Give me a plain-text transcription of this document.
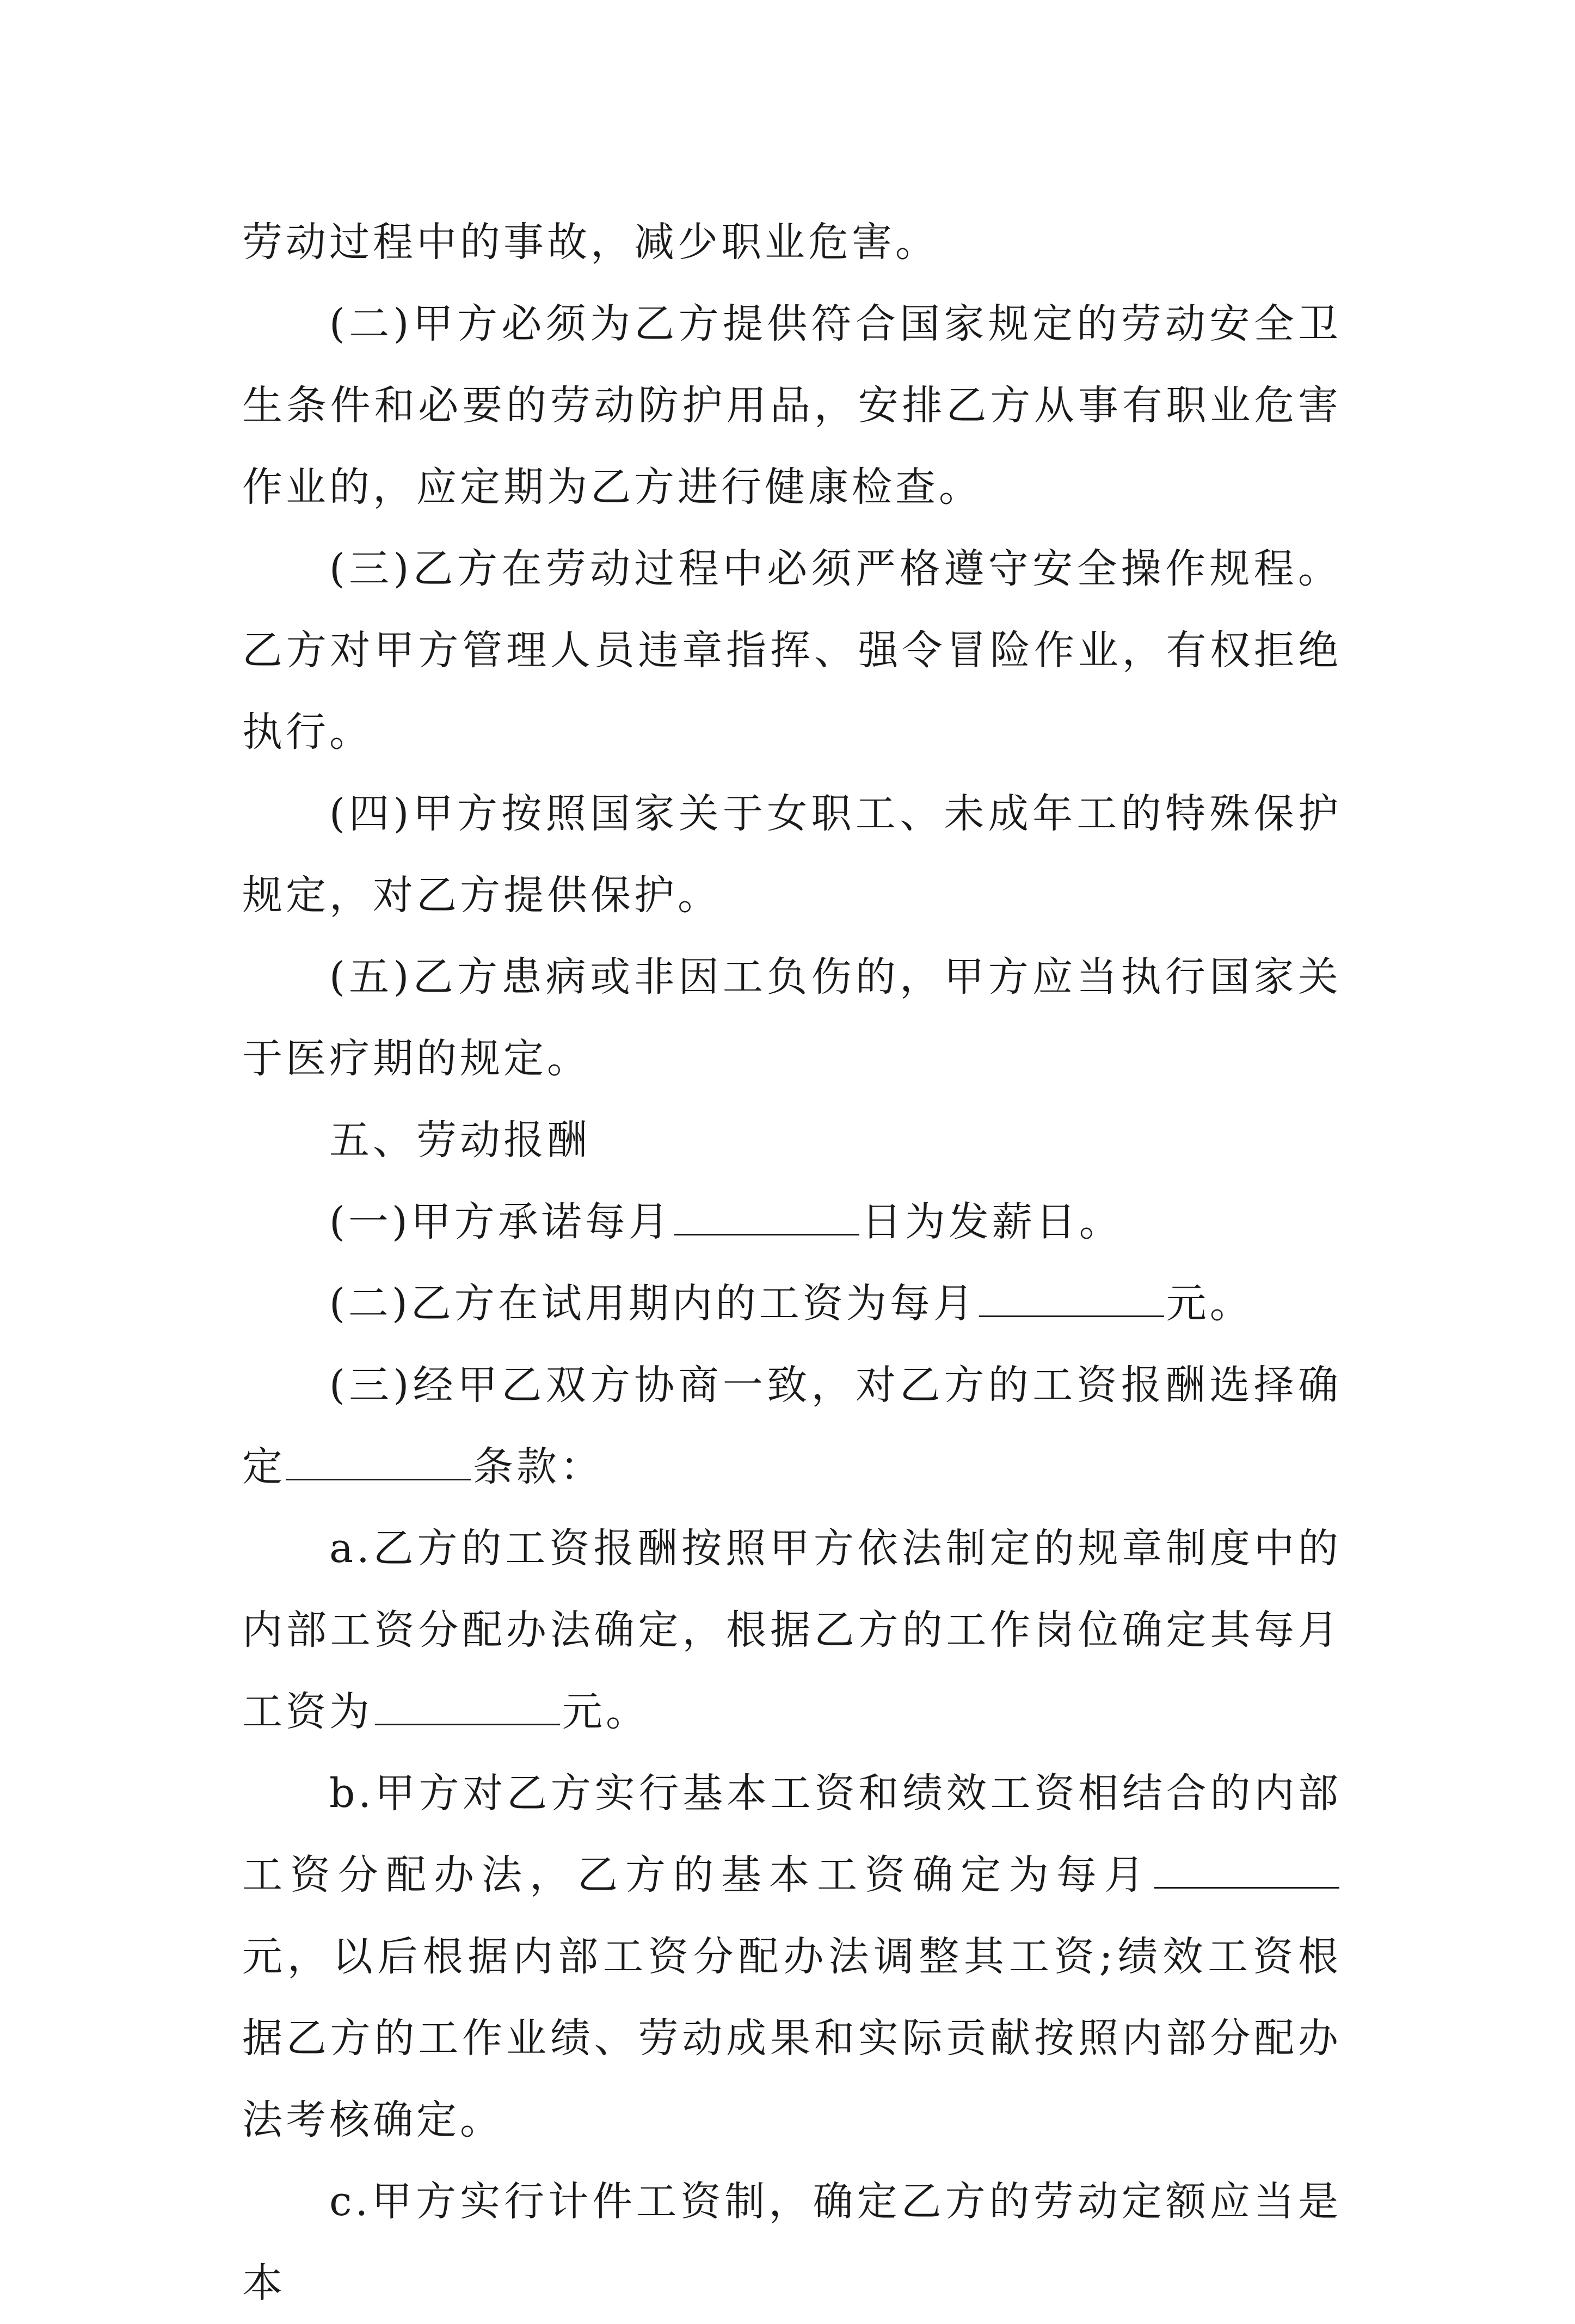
劳动过程中的事故，减少职业危害。

(二)甲方必须为乙方提供符合国家规定的劳动安全卫生条件和必要的劳动防护用品，安排乙方从事有职业危害作业的，应定期为乙方进行健康检查。

(三)乙方在劳动过程中必须严格遵守安全操作规程。乙方对甲方管理人员违章指挥、强令冒险作业，有权拒绝执行。

(四)甲方按照国家关于女职工、未成年工的特殊保护规定，对乙方提供保护。

(五)乙方患病或非因工负伤的，甲方应当执行国家关于医疗期的规定。

五、劳动报酬

(一)甲方承诺每月	日为发薪日。

(二)乙方在试用期内的工资为每月	元。

(三)经甲乙双方协商一致，对乙方的工资报酬选择确定	条款：

a.乙方的工资报酬按照甲方依法制定的规章制度中的内部工资分配办法确定，根据乙方的工作岗位确定其每月工资为	元。

b.甲方对乙方实行基本工资和绩效工资相结合的内部工资分配办法，乙方的基本工资确定为每月元，以后根据内部工资分配办法调整其工资;绩效工资根据乙方的工作业绩、劳动成果和实际贡献按照内部分配办法考核确定。

c.甲方实行计件工资制，确定乙方的劳动定额应当是本
